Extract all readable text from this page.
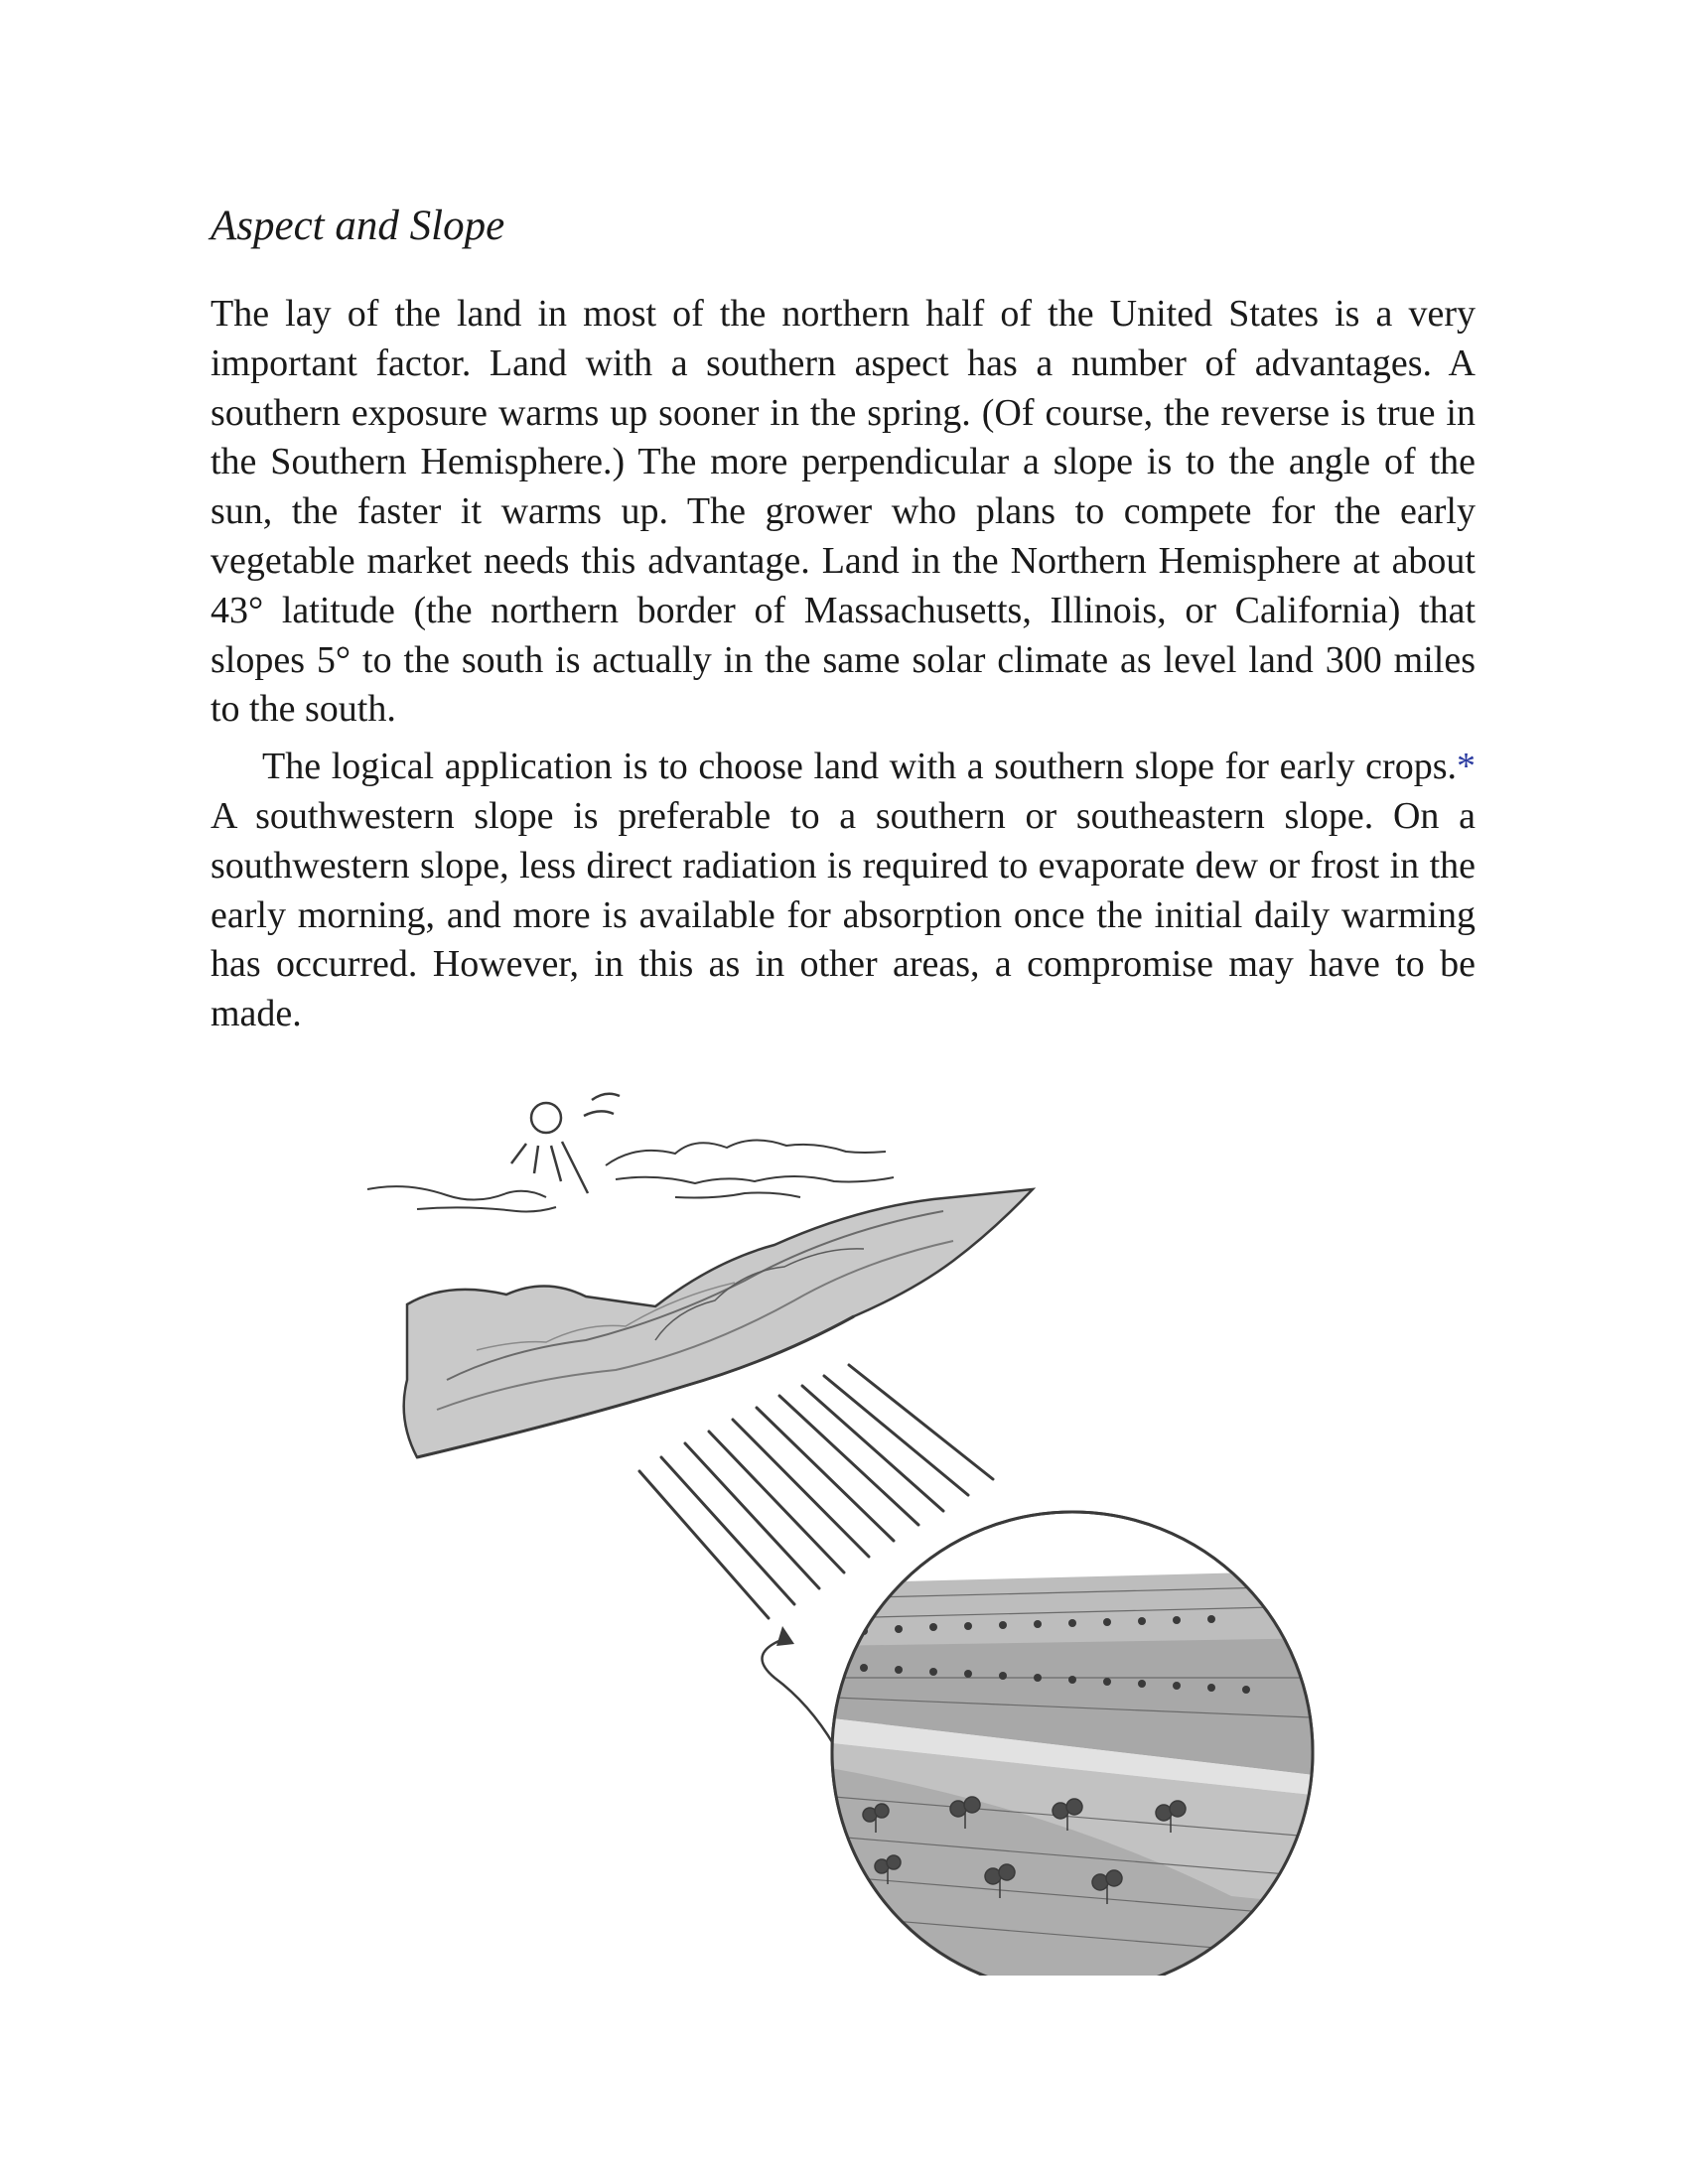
Aspect and Slope

The lay of the land in most of the northern half of the United States is a very important factor. Land with a southern aspect has a number of advantages. A southern exposure warms up sooner in the spring. (Of course, the reverse is true in the Southern Hemisphere.) The more perpendicular a slope is to the angle of the sun, the faster it warms up. The grower who plans to compete for the early vegetable market needs this advantage. Land in the Northern Hemisphere at about 43° latitude (the northern border of Massachusetts, Illinois, or California) that slopes 5° to the south is actually in the same solar climate as level land 300 miles to the south.

The logical application is to choose land with a southern slope for early crops.* A southwestern slope is preferable to a southern or southeastern slope. On a southwestern slope, less direct radiation is required to evaporate dew or frost in the early morning, and more is available for absorption once the initial daily warming has occurred. However, in this as in other areas, a compromise may have to be made.
